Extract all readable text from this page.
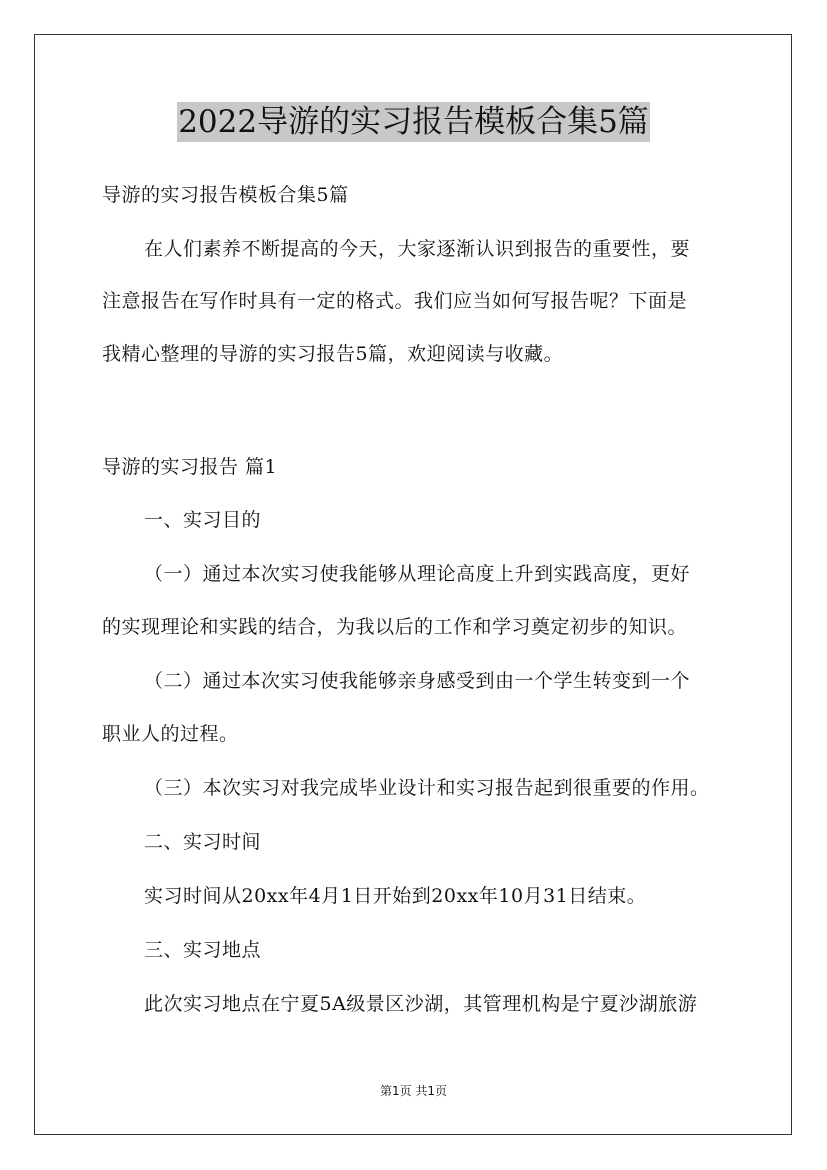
2022导游的实习报告模板合集5篇
导游的实习报告模板合集5篇
在人们素养不断提高的今天，大家逐渐认识到报告的重要性，要
注意报告在写作时具有一定的格式。我们应当如何写报告呢？下面是
我精心整理的导游的实习报告5篇，欢迎阅读与收藏。
导游的实习报告 篇1
一、实习目的
（一）通过本次实习使我能够从理论高度上升到实践高度，更好
的实现理论和实践的结合，为我以后的工作和学习奠定初步的知识。
（二）通过本次实习使我能够亲身感受到由一个学生转变到一个
职业人的过程。
（三）本次实习对我完成毕业设计和实习报告起到很重要的作用。
二、实习时间
实习时间从20xx年4月1日开始到20xx年10月31日结束。
三、实习地点
此次实习地点在宁夏5A级景区沙湖，其管理机构是宁夏沙湖旅游
第1页 共1页
